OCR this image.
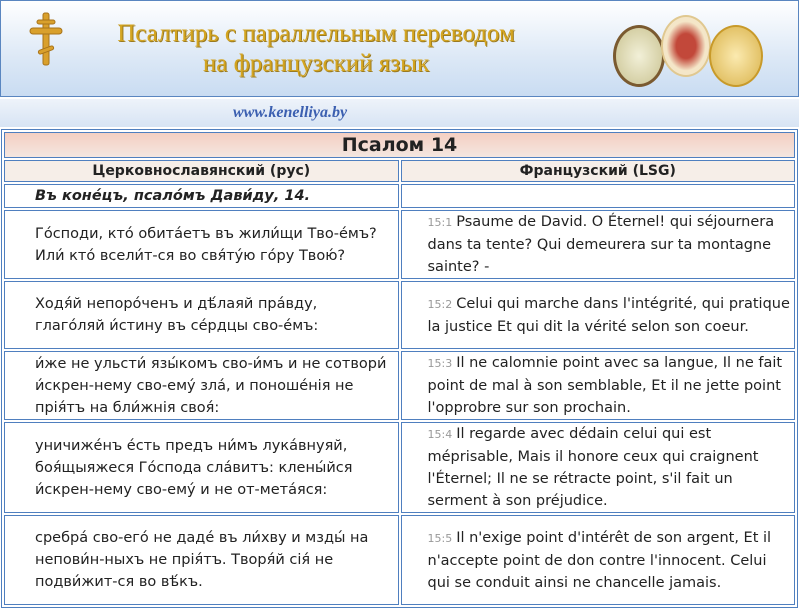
Псалтирь с параллельным переводом
на французский язык
www.kenelliya.by
Псалом 14	
Церковнославянский (рус)	Французский (LSG)
Въ коне́цъ, псало́мъ Дави́ду, 14.	
Го́споди, кто́ обита́етъ въ жили́щи Тво-е́мъ? Или́ кто́ всели́т-ся во свя́ту́ю го́ру Твою́?	15:1 Psaume de David. O Éternel! qui séjournera dans ta tente? Qui demeurera sur ta montagne sainte? -
Ходя́й непоро́ченъ и дѣ́лаяй пра́вду, глаго́ляй и́стину въ се́рдцы сво-е́мъ:	15:2 Celui qui marche dans l'intégrité, qui pratique la justice Et qui dit la vérité selon son coeur.
и́же не ульсти́ язы́комъ сво-и́мъ и не сотвори́ и́скрен-нему сво-ему́ зла́, и поноше́нія не прія́тъ на бли́жнія своя́:	15:3 Il ne calomnie point avec sa langue, Il ne fait point de mal à son semblable, Et il ne jette point l'opprobre sur son prochain.
уничиже́нъ е́сть предъ ни́мъ лука́внуяй, боя́щыяжеся Го́спода сла́витъ: клены́йся и́скрен-нему сво-ему́ и не от-мета́яся:	15:4 Il regarde avec dédain celui qui est méprisable, Mais il honore ceux qui craignent l'Éternel; Il ne se rétracte point, s'il fait un serment à son préjudice.
сребра́ сво-его́ не даде́ въ ли́хву и мзды́ на непови́н-ныхъ не прія́тъ. Творя́й сія́ не подви́жит-ся во вѣ́къ.	15:5 Il n'exige point d'intérêt de son argent, Et il n'accepte point de don contre l'innocent. Celui qui se conduit ainsi ne chancelle jamais.
